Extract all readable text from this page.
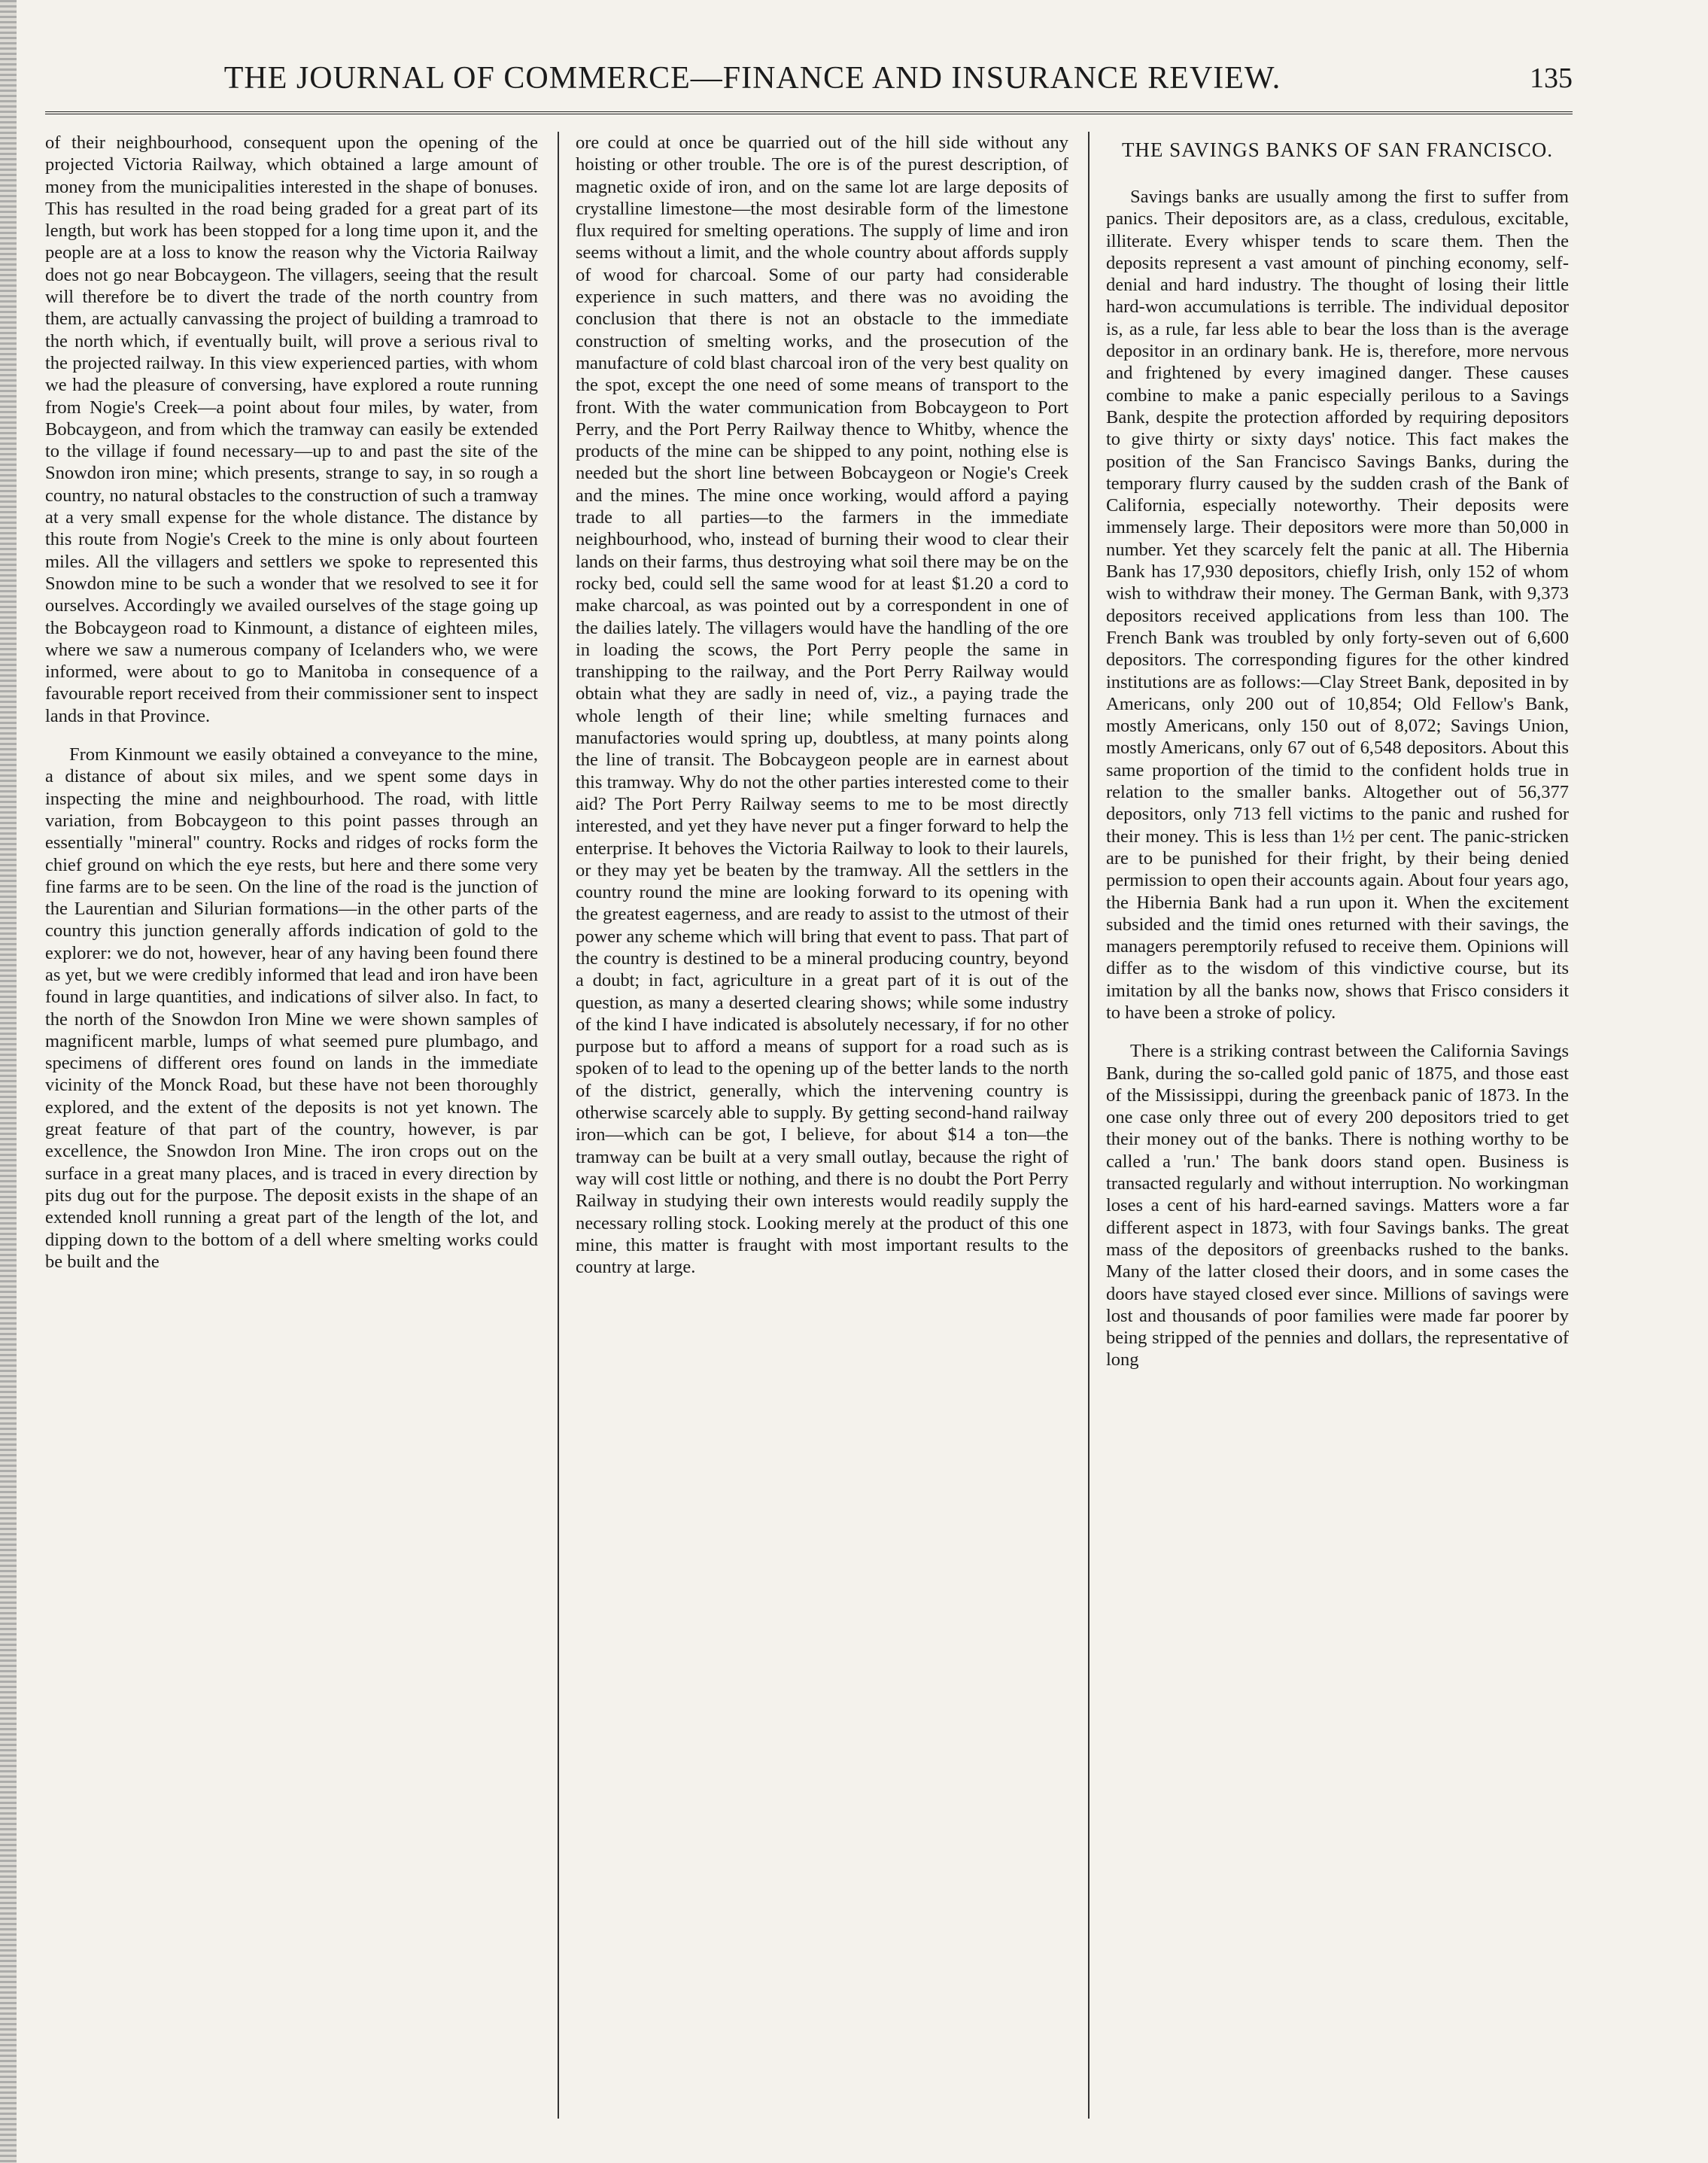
THE JOURNAL OF COMMERCE—FINANCE AND INSURANCE REVIEW.	135

of their neighbourhood, consequent upon the opening of the projected Victoria Railway, which obtained a large amount of money from the municipalities interested in the shape of bonuses. This has resulted in the road being graded for a great part of its length, but work has been stopped for a long time upon it, and the people are at a loss to know the reason why the Victoria Railway does not go near Bobcaygeon. The villagers, seeing that the result will therefore be to divert the trade of the north country from them, are actually canvassing the project of building a tramroad to the north which, if eventually built, will prove a serious rival to the projected railway. In this view experienced parties, with whom we had the pleasure of conversing, have explored a route running from Nogie's Creek—a point about four miles, by water, from Bobcaygeon, and from which the tramway can easily be extended to the village if found necessary—up to and past the site of the Snowdon iron mine; which presents, strange to say, in so rough a country, no natural obstacles to the construction of such a tramway at a very small expense for the whole distance. The distance by this route from Nogie's Creek to the mine is only about fourteen miles. All the villagers and settlers we spoke to represented this Snowdon mine to be such a wonder that we resolved to see it for ourselves. Accordingly we availed ourselves of the stage going up the Bobcaygeon road to Kinmount, a distance of eighteen miles, where we saw a numerous company of Icelanders who, we were informed, were about to go to Manitoba in consequence of a favourable report received from their commissioner sent to inspect lands in that Province.

From Kinmount we easily obtained a conveyance to the mine, a distance of about six miles, and we spent some days in inspecting the mine and neighbourhood. The road, with little variation, from Bobcaygeon to this point passes through an essentially "mineral" country. Rocks and ridges of rocks form the chief ground on which the eye rests, but here and there some very fine farms are to be seen. On the line of the road is the junction of the Laurentian and Silurian formations—in the other parts of the country this junction generally affords indication of gold to the explorer: we do not, however, hear of any having been found there as yet, but we were credibly informed that lead and iron have been found in large quantities, and indications of silver also. In fact, to the north of the Snowdon Iron Mine we were shown samples of magnificent marble, lumps of what seemed pure plumbago, and specimens of different ores found on lands in the immediate vicinity of the Monck Road, but these have not been thoroughly explored, and the extent of the deposits is not yet known. The great feature of that part of the country, however, is par excellence, the Snowdon Iron Mine. The iron crops out on the surface in a great many places, and is traced in every direction by pits dug out for the purpose. The deposit exists in the shape of an extended knoll running a great part of the length of the lot, and dipping down to the bottom of a dell where smelting works could be built and the

ore could at once be quarried out of the hill side without any hoisting or other trouble. The ore is of the purest description, of magnetic oxide of iron, and on the same lot are large deposits of crystalline limestone—the most desirable form of the limestone flux required for smelting operations. The supply of lime and iron seems without a limit, and the whole country about affords supply of wood for charcoal. Some of our party had considerable experience in such matters, and there was no avoiding the conclusion that there is not an obstacle to the immediate construction of smelting works, and the prosecution of the manufacture of cold blast charcoal iron of the very best quality on the spot, except the one need of some means of transport to the front. With the water communication from Bobcaygeon to Port Perry, and the Port Perry Railway thence to Whitby, whence the products of the mine can be shipped to any point, nothing else is needed but the short line between Bobcaygeon or Nogie's Creek and the mines. The mine once working, would afford a paying trade to all parties—to the farmers in the immediate neighbourhood, who, instead of burning their wood to clear their lands on their farms, thus destroying what soil there may be on the rocky bed, could sell the same wood for at least $1.20 a cord to make charcoal, as was pointed out by a correspondent in one of the dailies lately. The villagers would have the handling of the ore in loading the scows, the Port Perry people the same in transhipping to the railway, and the Port Perry Railway would obtain what they are sadly in need of, viz., a paying trade the whole length of their line; while smelting furnaces and manufactories would spring up, doubtless, at many points along the line of transit. The Bobcaygeon people are in earnest about this tramway. Why do not the other parties interested come to their aid? The Port Perry Railway seems to me to be most directly interested, and yet they have never put a finger forward to help the enterprise. It behoves the Victoria Railway to look to their laurels, or they may yet be beaten by the tramway. All the settlers in the country round the mine are looking forward to its opening with the greatest eagerness, and are ready to assist to the utmost of their power any scheme which will bring that event to pass. That part of the country is destined to be a mineral producing country, beyond a doubt; in fact, agriculture in a great part of it is out of the question, as many a deserted clearing shows; while some industry of the kind I have indicated is absolutely necessary, if for no other purpose but to afford a means of support for a road such as is spoken of to lead to the opening up of the better lands to the north of the district, generally, which the intervening country is otherwise scarcely able to supply. By getting second-hand railway iron—which can be got, I believe, for about $14 a ton—the tramway can be built at a very small outlay, because the right of way will cost little or nothing, and there is no doubt the Port Perry Railway in studying their own interests would readily supply the necessary rolling stock. Looking merely at the product of this one mine, this matter is fraught with most important results to the country at large.

THE SAVINGS BANKS OF SAN FRANCISCO.

Savings banks are usually among the first to suffer from panics. Their depositors are, as a class, credulous, excitable, illiterate. Every whisper tends to scare them. Then the deposits represent a vast amount of pinching economy, self-denial and hard industry. The thought of losing their little hard-won accumulations is terrible. The individual depositor is, as a rule, far less able to bear the loss than is the average depositor in an ordinary bank. He is, therefore, more nervous and frightened by every imagined danger. These causes combine to make a panic especially perilous to a Savings Bank, despite the protection afforded by requiring depositors to give thirty or sixty days' notice. This fact makes the position of the San Francisco Savings Banks, during the temporary flurry caused by the sudden crash of the Bank of California, especially noteworthy. Their deposits were immensely large. Their depositors were more than 50,000 in number. Yet they scarcely felt the panic at all. The Hibernia Bank has 17,930 depositors, chiefly Irish, only 152 of whom wish to withdraw their money. The German Bank, with 9,373 depositors received applications from less than 100. The French Bank was troubled by only forty-seven out of 6,600 depositors. The corresponding figures for the other kindred institutions are as follows:—Clay Street Bank, deposited in by Americans, only 200 out of 10,854; Old Fellow's Bank, mostly Americans, only 150 out of 8,072; Savings Union, mostly Americans, only 67 out of 6,548 depositors. About this same proportion of the timid to the confident holds true in relation to the smaller banks. Altogether out of 56,377 depositors, only 713 fell victims to the panic and rushed for their money. This is less than 1½ per cent. The panic-stricken are to be punished for their fright, by their being denied permission to open their accounts again. About four years ago, the Hibernia Bank had a run upon it. When the excitement subsided and the timid ones returned with their savings, the managers peremptorily refused to receive them. Opinions will differ as to the wisdom of this vindictive course, but its imitation by all the banks now, shows that Frisco considers it to have been a stroke of policy.

There is a striking contrast between the California Savings Bank, during the so-called gold panic of 1875, and those east of the Mississippi, during the greenback panic of 1873. In the one case only three out of every 200 depositors tried to get their money out of the banks. There is nothing worthy to be called a 'run.' The bank doors stand open. Business is transacted regularly and without interruption. No workingman loses a cent of his hard-earned savings. Matters wore a far different aspect in 1873, with four Savings banks. The great mass of the depositors of greenbacks rushed to the banks. Many of the latter closed their doors, and in some cases the doors have stayed closed ever since. Millions of savings were lost and thousands of poor families were made far poorer by being stripped of the pennies and dollars, the representative of long
